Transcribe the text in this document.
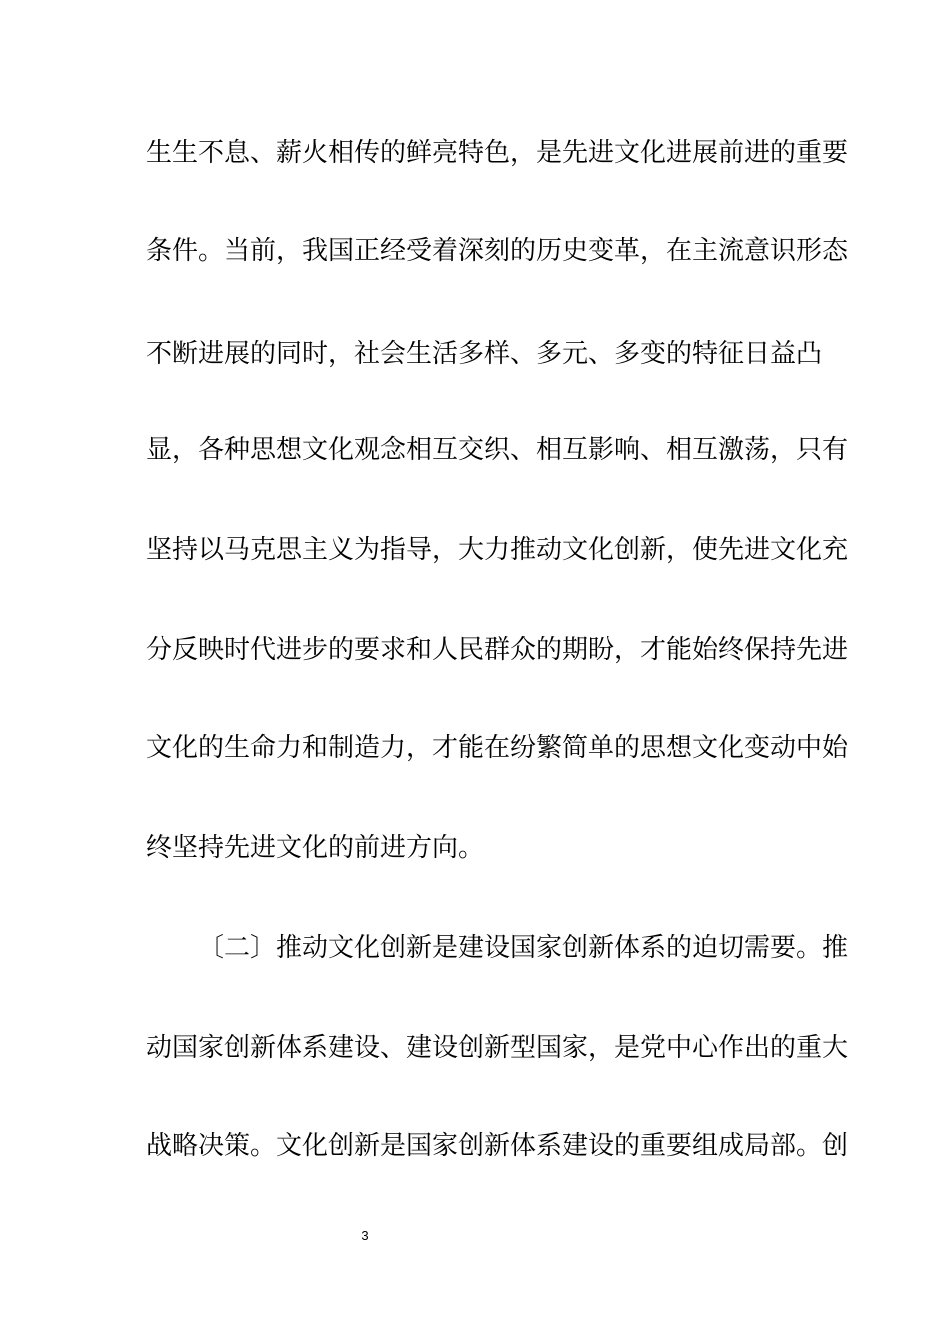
生生不息、薪火相传的鲜亮特色，是先进文化进展前进的重要
条件。当前，我国正经受着深刻的历史变革，在主流意识形态
不断进展的同时，社会生活多样、多元、多变的特征日益凸
显，各种思想文化观念相互交织、相互影响、相互激荡，只有
坚持以马克思主义为指导，大力推动文化创新，使先进文化充
分反映时代进步的要求和人民群众的期盼，才能始终保持先进
文化的生命力和制造力，才能在纷繁简单的思想文化变动中始
终坚持先进文化的前进方向。
〔二〕推动文化创新是建设国家创新体系的迫切需要。推
动国家创新体系建设、建设创新型国家，是党中心作出的重大
战略决策。文化创新是国家创新体系建设的重要组成局部。创
3
